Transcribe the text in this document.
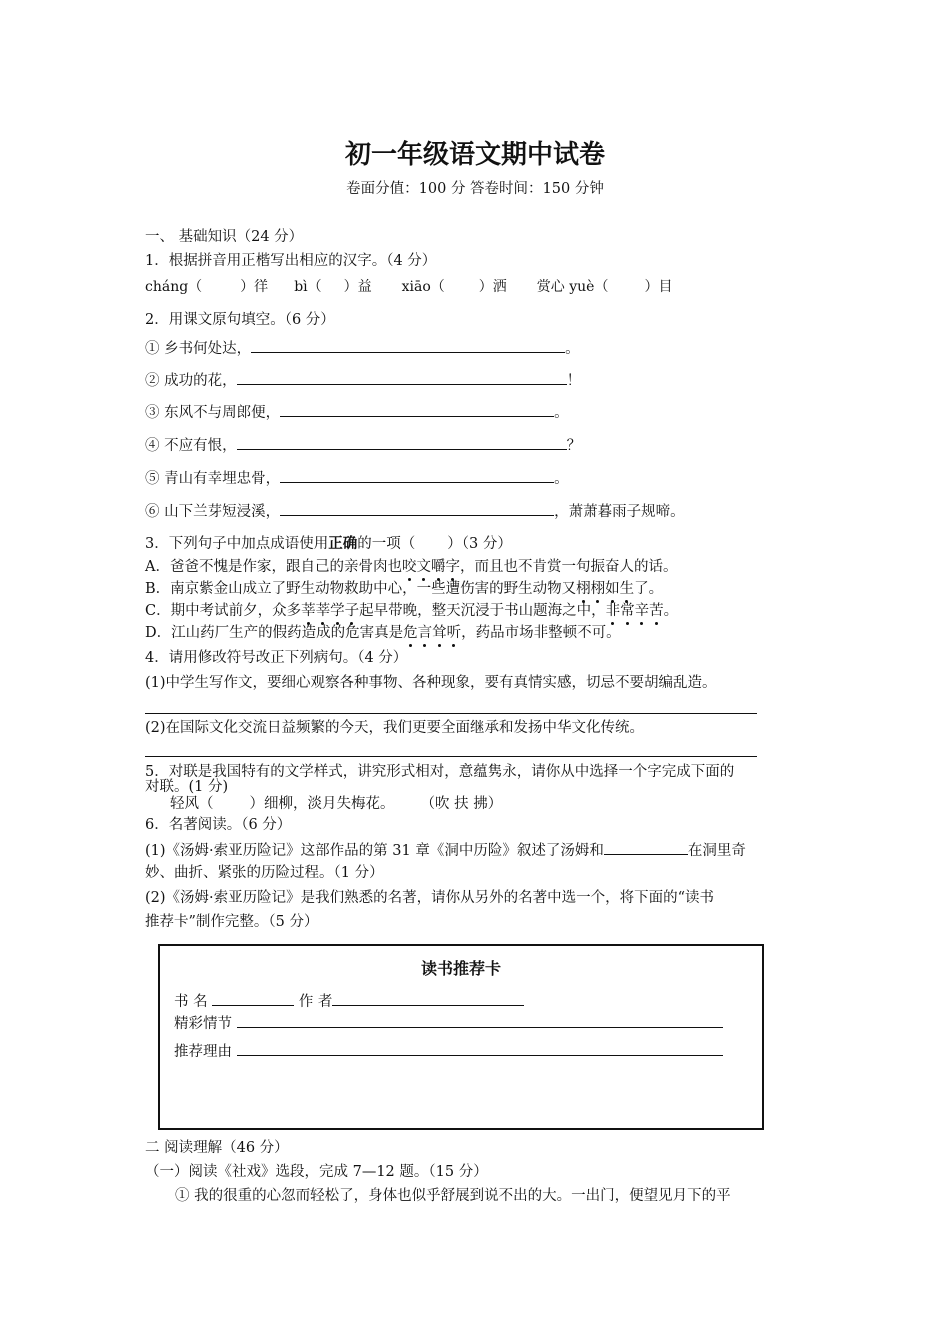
初一年级语文期中试卷
卷面分值：100 分 答卷时间：150 分钟
一、 基础知识（24 分）
1．根据拼音用正楷写出相应的汉字。（4 分）
cháng（	）徉 bì（ ）益 xiāo（ ）洒 赏心 yuè（	）目
2．用课文原句填空。（6 分）
① 乡书何处达，	。
② 成功的花，	！
③ 东风不与周郎便，	。
④ 不应有恨，	？
⑤ 青山有幸埋忠骨，	。
⑥ 山下兰芽短浸溪，	，萧萧暮雨子规啼。
3．下列句子中加点成语使用正确的一项（ ）（3 分）
A．爸爸不愧是作家，跟自己的亲骨肉也咬文嚼字，而且也不肯赏一句振奋人的话。
B．南京紫金山成立了野生动物救助中心，一些遭伤害的野生动物又栩栩如生了。
C．期中考试前夕，众多莘莘学子起早带晚，整天沉浸于书山题海之中，非常辛苦。
D．江山药厂生产的假药造成的危害真是危言耸听，药品市场非整顿不可。
4．请用修改符号改正下列病句。（4 分）
(1)中学生写作文，要细心观察各种事物、各种现象，要有真情实感，切忌不要胡编乱造。
(2)在国际文化交流日益频繁的今天，我们更要全面继承和发扬中华文化传统。
5．对联是我国特有的文学样式，讲究形式相对，意蕴隽永，请你从中选择一个字完成下面的
对联。(1 分)
轻风（ ）细柳，淡月失梅花。 （吹 扶 拂）
6．名著阅读。（6 分）
(1)《汤姆·索亚历险记》这部作品的第 31 章《洞中历险》叙述了汤姆和	在洞里奇
妙、曲折、紧张的历险过程。（1 分）
(2)《汤姆·索亚历险记》是我们熟悉的名著，请你从另外的名著中选一个，将下面的“读书
推荐卡”制作完整。（5 分）
读书推荐卡
书 名	作 者
精彩情节
推荐理由
二 阅读理解（46 分）
（一）阅读《社戏》选段，完成 7—12 题。（15 分）
① 我的很重的心忽而轻松了，身体也似乎舒展到说不出的大。一出门，便望见月下的平
